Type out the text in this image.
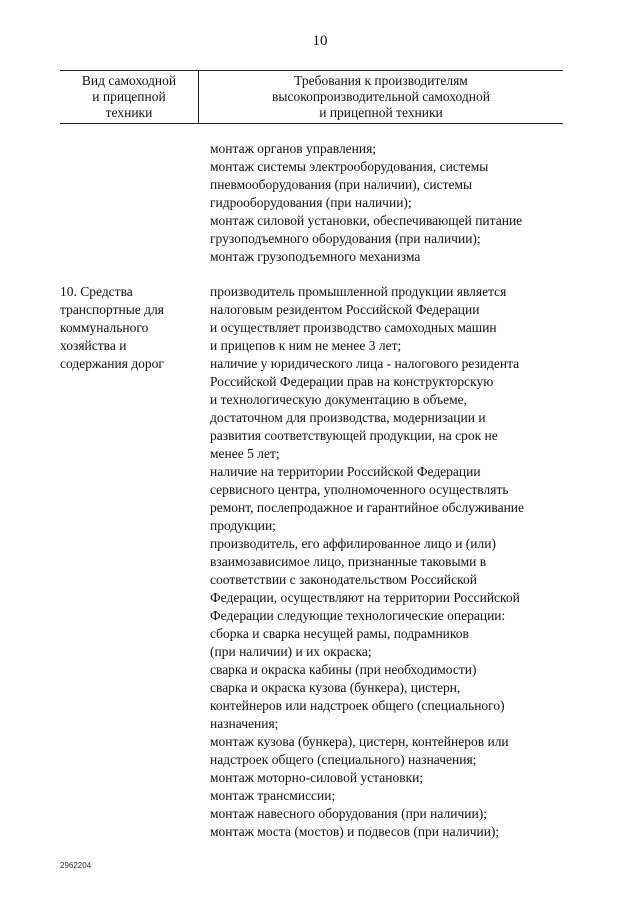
10
Вид самоходной
и прицепной
техники
Требования к производителям
высокопроизводительной самоходной
и прицепной техники
монтаж органов управления;
монтаж системы электрооборудования, системы
пневмооборудования (при наличии), системы
гидрооборудования (при наличии);
монтаж силовой установки, обеспечивающей питание
грузоподъемного оборудования (при наличии);
монтаж грузоподъемного механизма
10. Средства
транспортные для
коммунального
хозяйства и
содержания дорог
производитель промышленной продукции является
налоговым резидентом Российской Федерации
и осуществляет производство самоходных машин
и прицепов к ним не менее 3 лет;
наличие у юридического лица - налогового резидента
Российской Федерации прав на конструкторскую
и технологическую документацию в объеме,
достаточном для производства, модернизации и
развития соответствующей продукции, на срок не
менее 5 лет;
наличие на территории Российской Федерации
сервисного центра, уполномоченного осуществлять
ремонт, послепродажное и гарантийное обслуживание
продукции;
производитель, его аффилированное лицо и (или)
взаимозависимое лицо, признанные таковыми в
соответствии с законодательством Российской
Федерации, осуществляют на территории Российской
Федерации следующие технологические операции:
сборка и сварка несущей рамы, подрамников
(при наличии) и их окраска;
сварка и окраска кабины (при необходимости)
сварка и окраска кузова (бункера), цистерн,
контейнеров или надстроек общего (специального)
назначения;
монтаж кузова (бункера), цистерн, контейнеров или
надстроек общего (специального) назначения;
монтаж моторно-силовой установки;
монтаж трансмиссии;
монтаж навесного оборудования (при наличии);
монтаж моста (мостов) и подвесов (при наличии);
2962204
